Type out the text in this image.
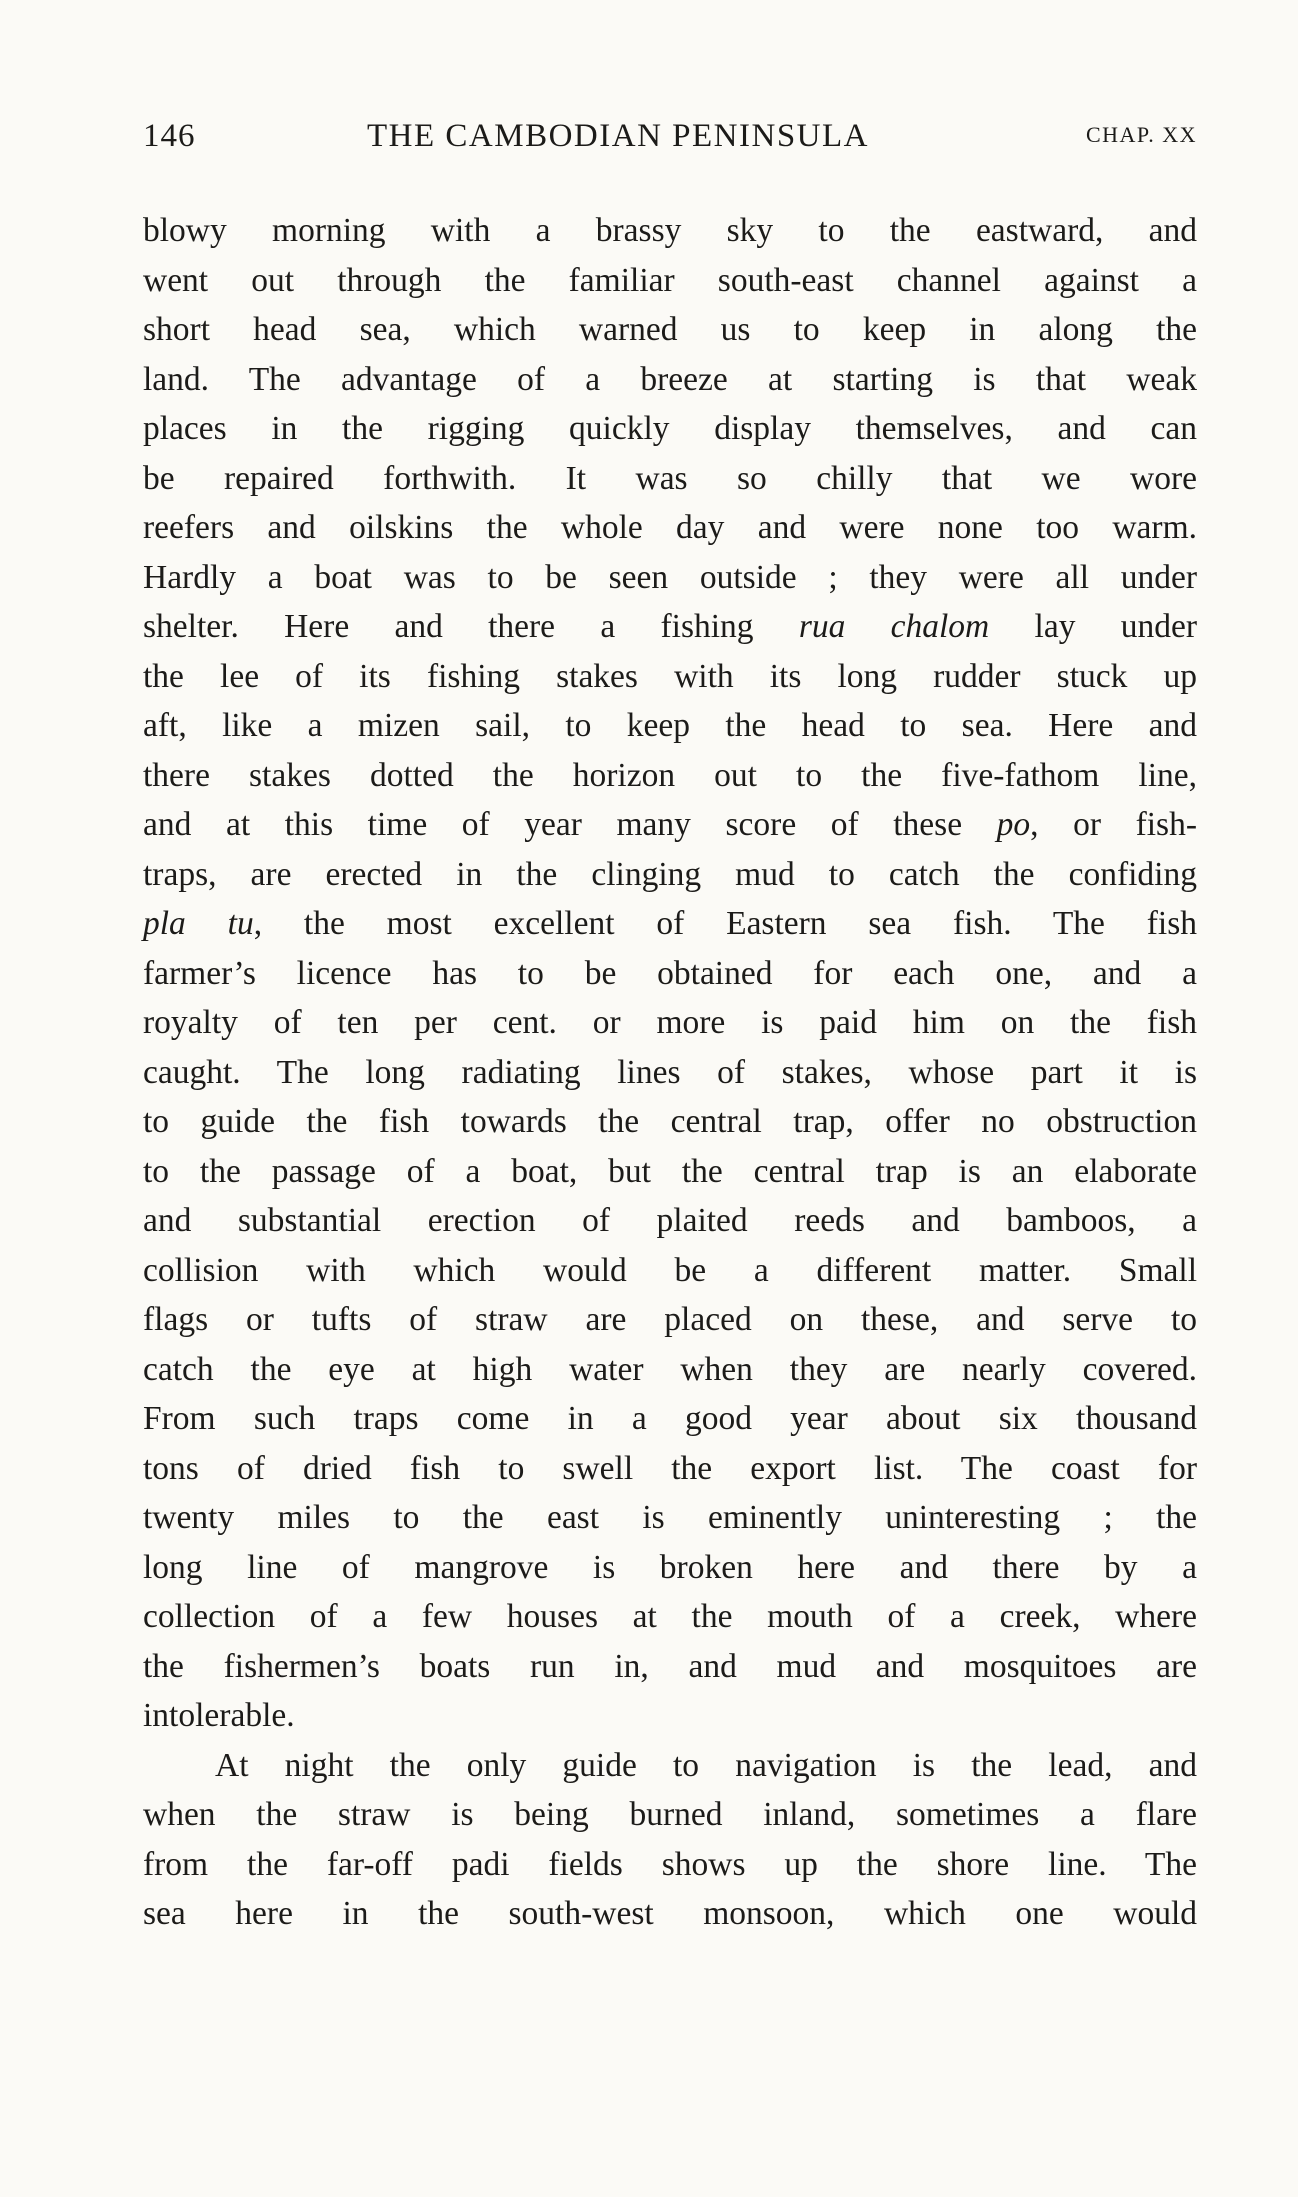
146	THE CAMBODIAN PENINSULA	CHAP. XX
blowy morning with a brassy sky to the eastward, and
went out through the familiar south-east channel against a
short head sea, which warned us to keep in along the
land. The advantage of a breeze at starting is that weak
places in the rigging quickly display themselves, and can
be repaired forthwith. It was so chilly that we wore
reefers and oilskins the whole day and were none too warm.
Hardly a boat was to be seen outside ; they were all under
shelter. Here and there a fishing rua chalom lay under
the lee of its fishing stakes with its long rudder stuck up
aft, like a mizen sail, to keep the head to sea. Here and
there stakes dotted the horizon out to the five-fathom line,
and at this time of year many score of these po, or fish-
traps, are erected in the clinging mud to catch the confiding
pla tu, the most excellent of Eastern sea fish. The fish
farmer’s licence has to be obtained for each one, and a
royalty of ten per cent. or more is paid him on the fish
caught. The long radiating lines of stakes, whose part it is
to guide the fish towards the central trap, offer no obstruction
to the passage of a boat, but the central trap is an elaborate
and substantial erection of plaited reeds and bamboos, a
collision with which would be a different matter. Small
flags or tufts of straw are placed on these, and serve to
catch the eye at high water when they are nearly covered.
From such traps come in a good year about six thousand
tons of dried fish to swell the export list. The coast for
twenty miles to the east is eminently uninteresting ; the
long line of mangrove is broken here and there by a
collection of a few houses at the mouth of a creek, where
the fishermen’s boats run in, and mud and mosquitoes are
intolerable.
At night the only guide to navigation is the lead, and
when the straw is being burned inland, sometimes a flare
from the far-off padi fields shows up the shore line. The
sea here in the south-west monsoon, which one would
